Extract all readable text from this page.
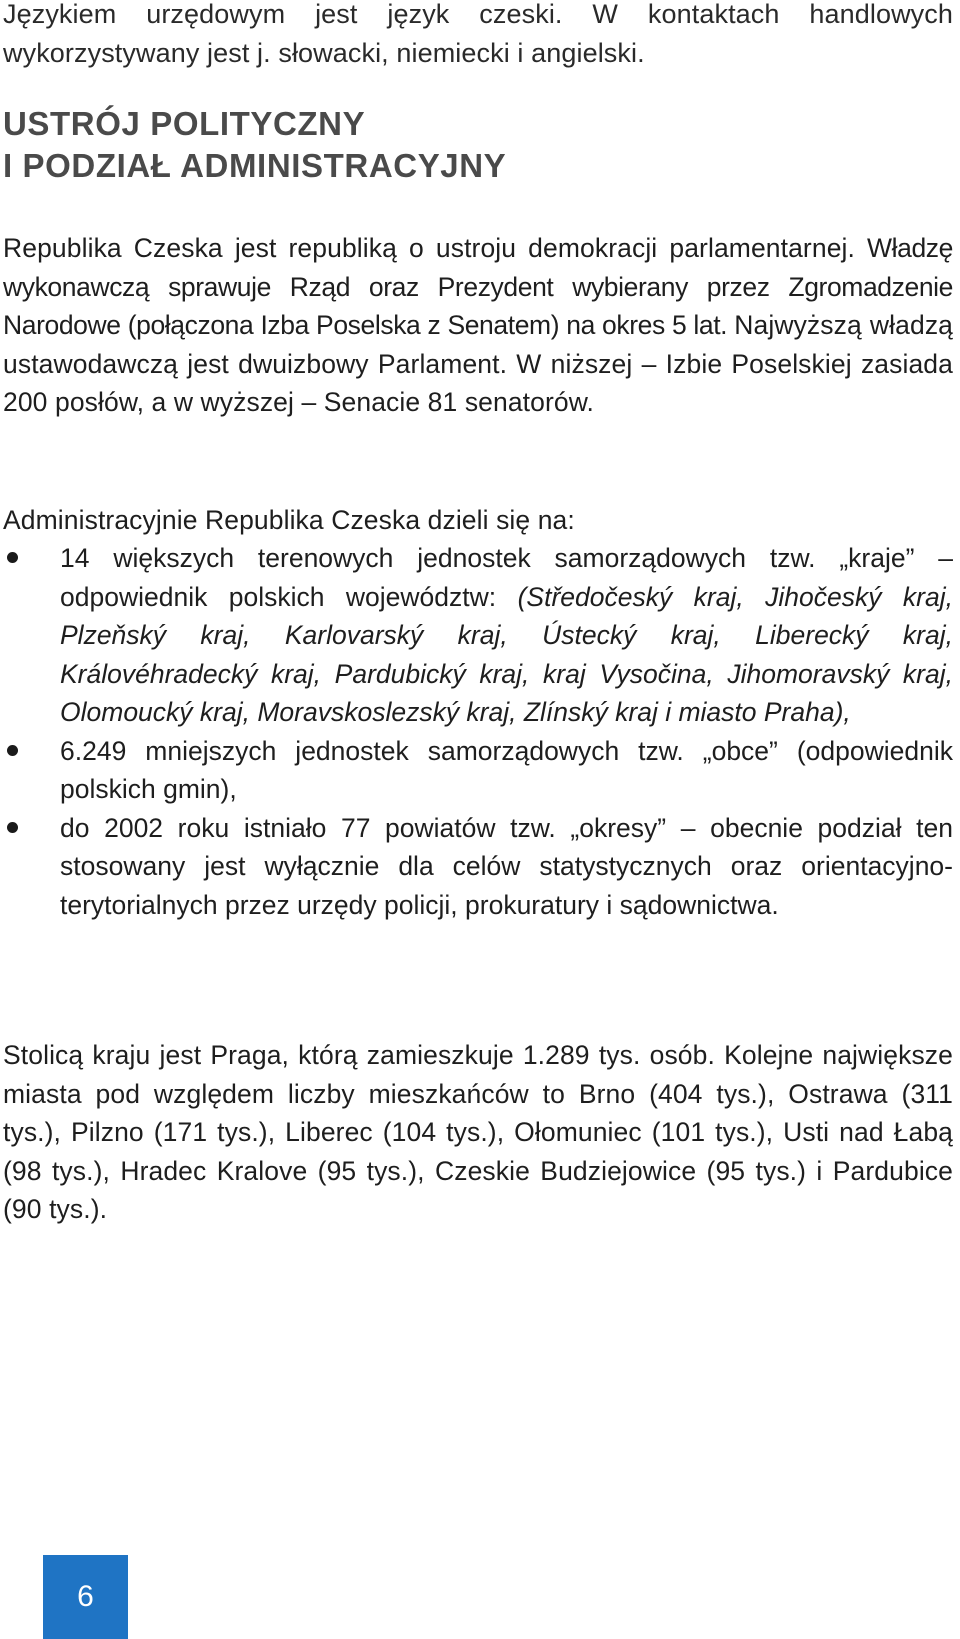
Językiem urzędowym jest język czeski. W kontaktach handlowych wykorzystywany jest j. słowacki, niemiecki i angielski.

USTRÓJ POLITYCZNY
I PODZIAŁ ADMINISTRACYJNY

Republika Czeska jest republiką o ustroju demokracji parlamentarnej. Władzę wykonawczą sprawuje Rząd oraz Prezydent wybierany przez Zgromadzenie Narodowe (połączona Izba Poselska z Senatem) na okres 5 lat. Najwyższą władzą ustawodawczą jest dwuizbowy Parlament. W niższej – Izbie Poselskiej zasiada 200 posłów, a w wyższej – Senacie 81 senatorów.

Administracyjnie Republika Czeska dzieli się na:

14 większych terenowych jednostek samorządowych tzw. „kraje” – odpowiednik polskich województw: (Středočeský kraj, Jihočeský kraj, Plzeňský kraj, Karlovarský kraj, Ústecký kraj, Liberecký kraj, Královéhradecký kraj, Pardubický kraj, kraj Vysočina, Jihomoravský kraj, Olomoucký kraj, Moravskoslezský kraj, Zlínský kraj i miasto Praha),
6.249 mniejszych jednostek samorządowych tzw. „obce” (odpowiednik polskich gmin),
do 2002 roku istniało 77 powiatów tzw. „okresy” – obecnie podział ten stosowany jest wyłącznie dla celów statystycznych oraz orientacyjno-terytorialnych przez urzędy policji, prokuratury i sądownictwa.

Stolicą kraju jest Praga, którą zamieszkuje 1.289 tys. osób. Kolejne największe miasta pod względem liczby mieszkańców to Brno (404 tys.), Ostrawa (311 tys.), Pilzno (171 tys.), Liberec (104 tys.), Ołomuniec (101 tys.), Usti nad Łabą (98 tys.), Hradec Kralove (95 tys.), Czeskie Budziejowice (95 tys.) i Pardubice (90 tys.).

6
